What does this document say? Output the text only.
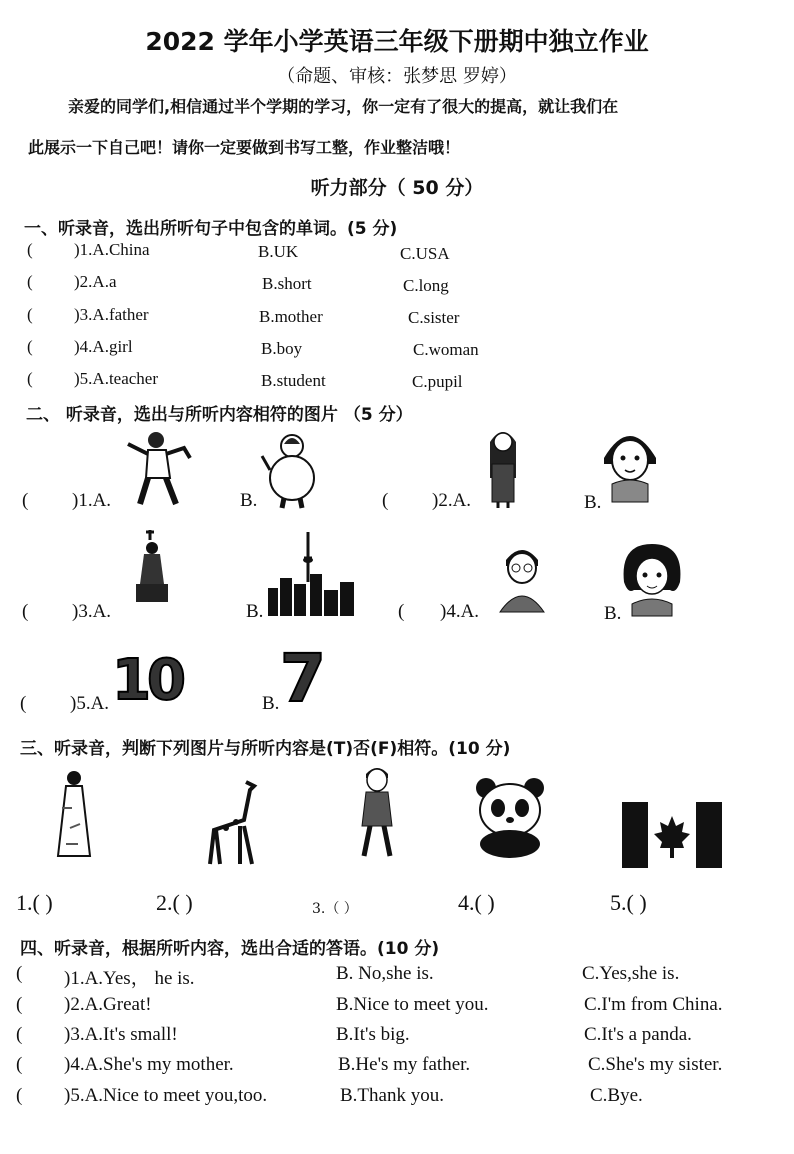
2022 学年小学英语三年级下册期中独立作业
（命题、审核：张梦思 罗婷）
亲爱的同学们,相信通过半个学期的学习，你一定有了很大的提高，就让我们在
此展示一下自己吧！请你一定要做到书写工整，作业整洁哦！
听力部分（ 50 分）
一、听录音，选出所听句子中包含的单词。(5 分)
( )1.A.China	B.UK	C.USA
( )2.A.a	B.short	C.long
( )3.A.father	B.mother	C.sister
( )4.A.girl	B.boy	C.woman
( )5.A.teacher	B.student	C.pupil
二、 听录音，选出与所听内容相符的图片 （5 分）
( )1.A.	B.	( )2.A.	B.
( )3.A.	B.	( )4.A.	B.
( )5.A. 10	B. 7
三、听录音，判断下列图片与所听内容是(T)否(F)相符。(10 分)
1.( )	2.( )	3.（ ）	4.( )	5.( )
四、听录音，根据所听内容，选出合适的答语。(10 分)
( )1.A.Yes， he is.	B. No,she is.	C.Yes,she is.
( )2.A.Great!	B.Nice to meet you.	C.I'm from China.
( )3.A.It's small!	B.It's big.	C.It's a panda.
( )4.A.She's my mother.	B.He's my father.	C.She's my sister.
( )5.A.Nice to meet you,too.	B.Thank you.	C.Bye.
